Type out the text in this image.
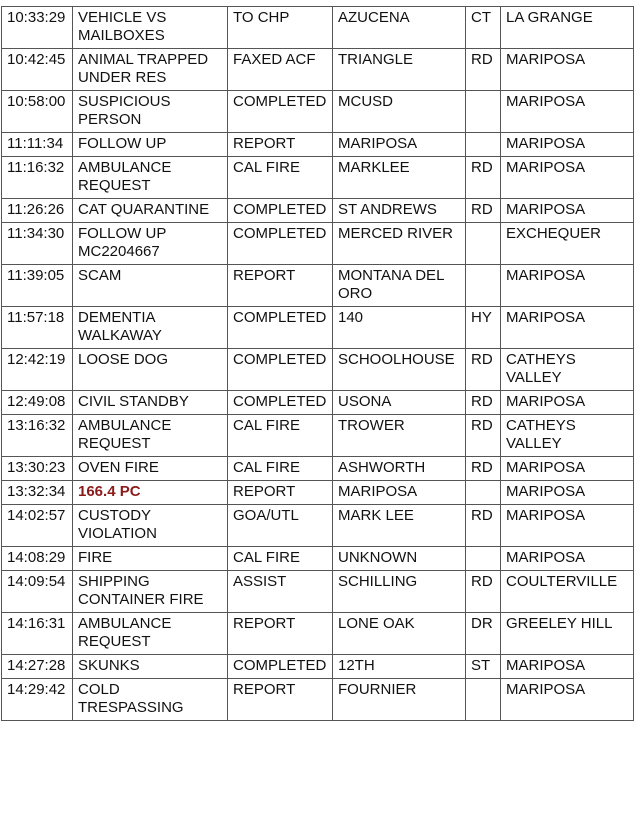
10:33:29	VEHICLE VS
MAILBOXES	TO CHP	AZUCENA	CT	LA GRANGE
10:42:45	ANIMAL TRAPPED
UNDER RES	FAXED ACF	TRIANGLE	RD	MARIPOSA
10:58:00	SUSPICIOUS
PERSON	COMPLETED	MCUSD		MARIPOSA
11:11:34	FOLLOW UP	REPORT	MARIPOSA		MARIPOSA
11:16:32	AMBULANCE
REQUEST	CAL FIRE	MARKLEE	RD	MARIPOSA
11:26:26	CAT QUARANTINE	COMPLETED	ST ANDREWS	RD	MARIPOSA
11:34:30	FOLLOW UP
MC2204667	COMPLETED	MERCED RIVER		EXCHEQUER
11:39:05	SCAM	REPORT	MONTANA DEL
ORO		MARIPOSA
11:57:18	DEMENTIA
WALKAWAY	COMPLETED	140	HY	MARIPOSA
12:42:19	LOOSE DOG	COMPLETED	SCHOOLHOUSE	RD	CATHEYS
VALLEY
12:49:08	CIVIL STANDBY	COMPLETED	USONA	RD	MARIPOSA
13:16:32	AMBULANCE
REQUEST	CAL FIRE	TROWER	RD	CATHEYS
VALLEY
13:30:23	OVEN FIRE	CAL FIRE	ASHWORTH	RD	MARIPOSA
13:32:34	166.4 PC	REPORT	MARIPOSA		MARIPOSA
14:02:57	CUSTODY
VIOLATION	GOA/UTL	MARK LEE	RD	MARIPOSA
14:08:29	FIRE	CAL FIRE	UNKNOWN		MARIPOSA
14:09:54	SHIPPING
CONTAINER FIRE	ASSIST	SCHILLING	RD	COULTERVILLE
14:16:31	AMBULANCE
REQUEST	REPORT	LONE OAK	DR	GREELEY HILL
14:27:28	SKUNKS	COMPLETED	12TH	ST	MARIPOSA
14:29:42	COLD
TRESPASSING	REPORT	FOURNIER		MARIPOSA
